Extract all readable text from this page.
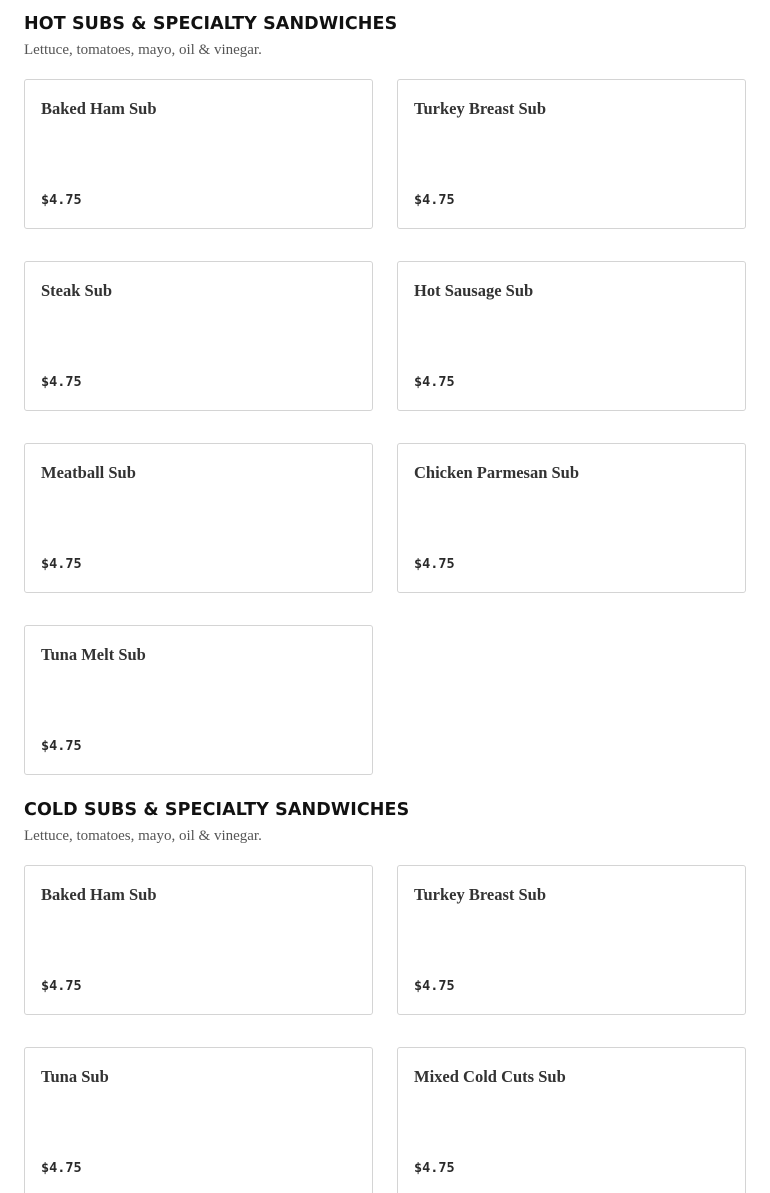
HOT SUBS & SPECIALTY SANDWICHES

Lettuce, tomatoes, mayo, oil & vinegar.

Baked Ham Sub
$4.75
Turkey Breast Sub
$4.75
Steak Sub
$4.75
Hot Sausage Sub
$4.75
Meatball Sub
$4.75
Chicken Parmesan Sub
$4.75
Tuna Melt Sub
$4.75
COLD SUBS & SPECIALTY SANDWICHES

Lettuce, tomatoes, mayo, oil & vinegar.

Baked Ham Sub
$4.75
Turkey Breast Sub
$4.75
Tuna Sub
$4.75
Mixed Cold Cuts Sub
$4.75
